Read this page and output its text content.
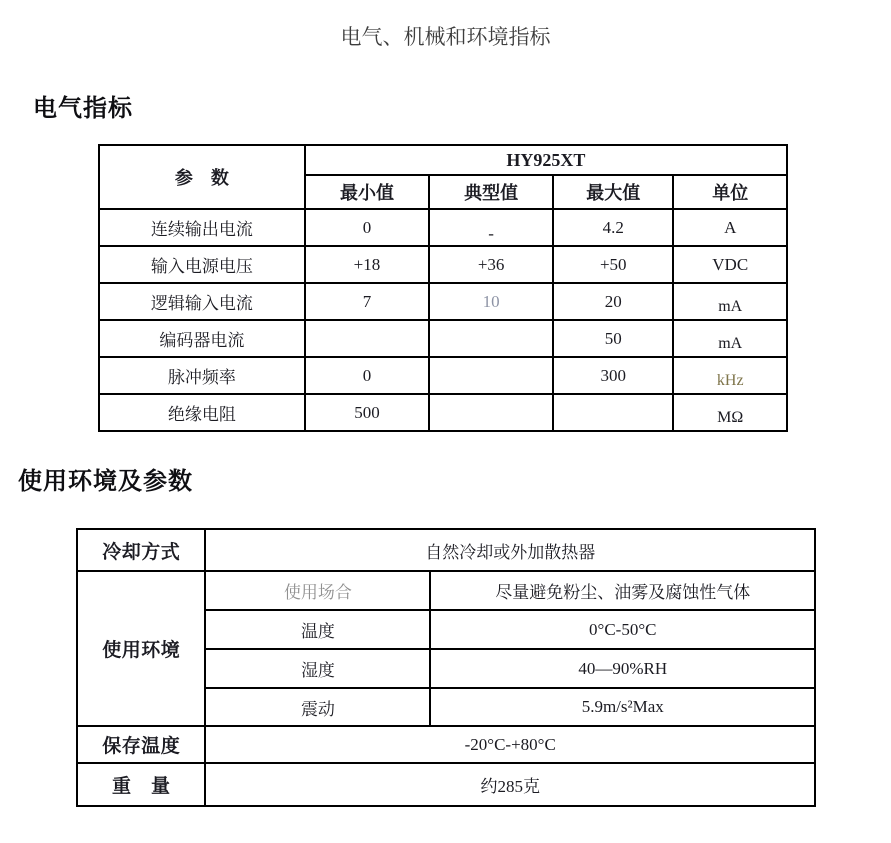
电气、机械和环境指标
电气指标
参　数	HY925XT			
	最小值	典型值	最大值	单位
连续输出电流	0	-	4.2	A
输入电源电压	+18	+36	+50	VDC
逻辑输入电流	7	10	20	mA
编码器电流			50	mA
脉冲频率	0		300	kHz
绝缘电阻	500			MΩ
使用环境及参数
冷却方式	自然冷却或外加散热器	
使用环境	使用场合	尽量避免粉尘、油雾及腐蚀性气体
	温度	0°C-50°C
	湿度	40—90%RH
	震动	5.9m/s²Max
保存温度	-20°C-+80°C	
重　量	约285克	
